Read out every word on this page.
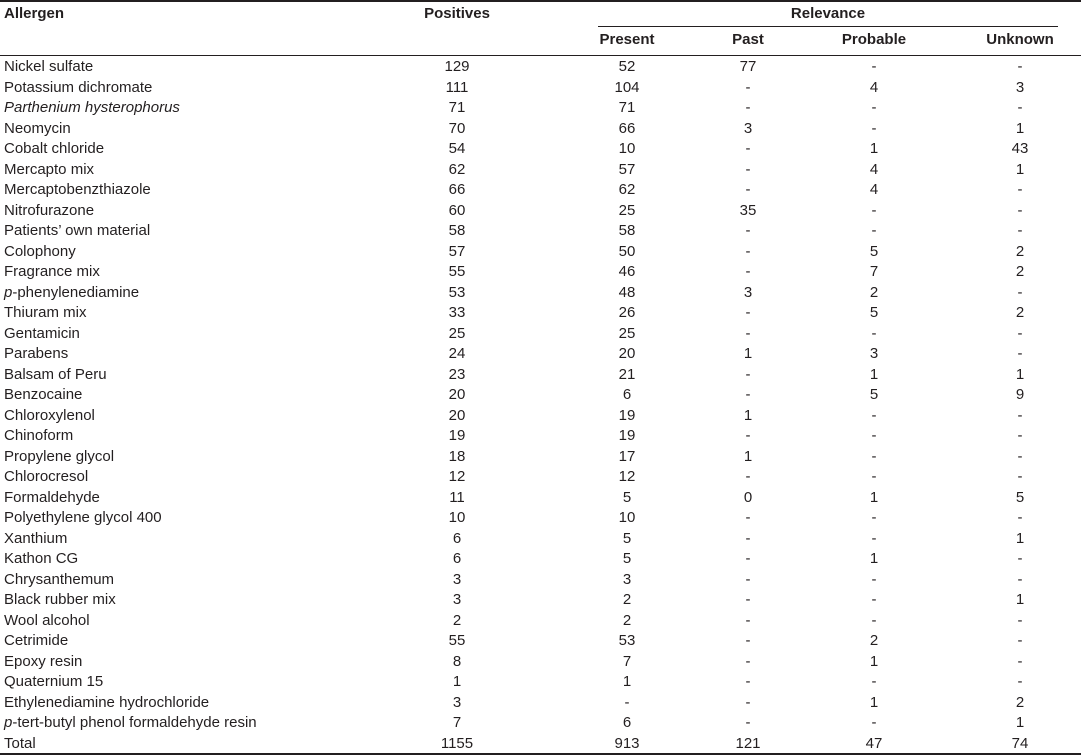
Allergen	Positives	Relevance
Present	Past	Probable	Unknown
Nickel sulfate	129	52	77	-	-
Potassium dichromate	111	104	-	4	3
Parthenium hysterophorus	71	71	-	-	-
Neomycin	70	66	3	-	1
Cobalt chloride	54	10	-	1	43
Mercapto mix	62	57	-	4	1
Mercaptobenzthiazole	66	62	-	4	-
Nitrofurazone	60	25	35	-	-
Patients’ own material	58	58	-	-	-
Colophony	57	50	-	5	2
Fragrance mix	55	46	-	7	2
p-phenylenediamine	53	48	3	2	-
Thiuram mix	33	26	-	5	2
Gentamicin	25	25	-	-	-
Parabens	24	20	1	3	-
Balsam of Peru	23	21	-	1	1
Benzocaine	20	6	-	5	9
Chloroxylenol	20	19	1	-	-
Chinoform	19	19	-	-	-
Propylene glycol	18	17	1	-	-
Chlorocresol	12	12	-	-	-
Formaldehyde	11	5	0	1	5
Polyethylene glycol 400	10	10	-	-	-
Xanthium	6	5	-	-	1
Kathon CG	6	5	-	1	-
Chrysanthemum	3	3	-	-	-
Black rubber mix	3	2	-	-	1
Wool alcohol	2	2	-	-	-
Cetrimide	55	53	-	2	-
Epoxy resin	8	7	-	1	-
Quaternium 15	1	1	-	-	-
Ethylenediamine hydrochloride	3	-	-	1	2
p-tert-butyl phenol formaldehyde resin	7	6	-	-	1
Total	1155	913	121	47	74
